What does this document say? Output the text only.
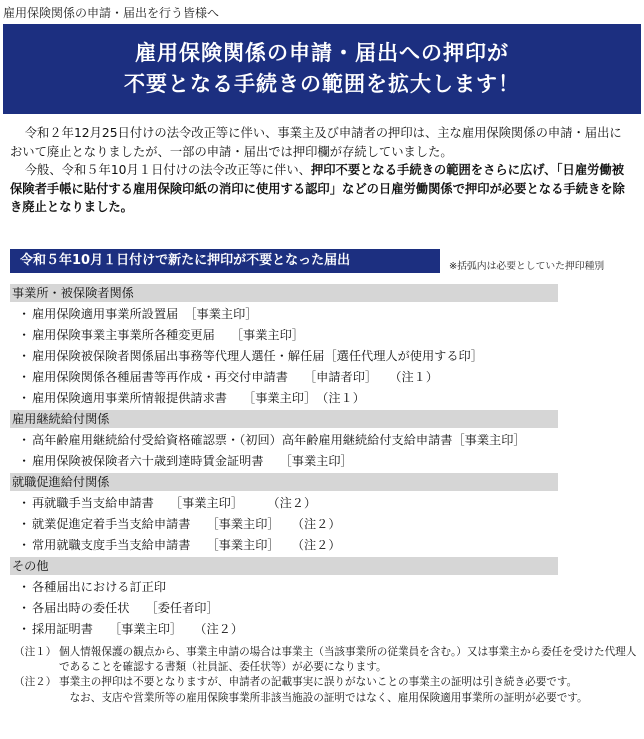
雇用保険関係の申請・届出を行う皆様へ
雇用保険関係の申請・届出への押印が
不要となる手続きの範囲を拡大します！

令和２年12月25日付けの法令改正等に伴い、事業主及び申請者の押印は、主な雇用保険関係の申請・届出において廃止となりましたが、一部の申請・届出では押印欄が存続していました。

今般、令和５年10月１日付けの法令改正等に伴い、押印不要となる手続きの範囲をさらに広げ、「日雇労働被保険者手帳に貼付する雇用保険印紙の消印に使用する認印」などの日雇労働関係で押印が必要となる手続きを除き廃止となりました。

令和５年10月１日付けで新たに押印が不要となった届出	※括弧内は必要としていた押印種別
事業所・被保険者関係
・ 雇用保険適用事業所設置届　［事業主印］
・ 雇用保険事業主事業所各種変更届　 ［事業主印］
・ 雇用保険被保険者関係届出事務等代理人選任・解任届［選任代理人が使用する印］
・ 雇用保険関係各種届書等再作成・再交付申請書　 ［申請者印］　　（注１）
・ 雇用保険適用事業所情報提供請求書　 ［事業主印］　（注１）
雇用継続給付関係
・ 高年齢雇用継続給付受給資格確認票・（初回）高年齢雇用継続給付支給申請書［事業主印］
・ 雇用保険被保険者六十歳到達時賃金証明書　 ［事業主印］
就職促進給付関係
・ 再就職手当支給申請書　 ［事業主印］　　　（注２）
・ 就業促進定着手当支給申請書　 ［事業主印］　　（注２）
・ 常用就職支度手当支給申請書　 ［事業主印］　　（注２）
その他
・ 各種届出における訂正印
・ 各届出時の委任状　 ［委任者印］
・ 採用証明書　 ［事業主印］　　（注２）
（注１） 個人情報保護の観点から、事業主申請の場合は事業主（当該事業所の従業員を含む。）又は事業主から委任を受けた代理人であることを確認する書類（社員証、委任状等）が必要になります。

（注２） 事業主の押印は不要となりますが、申請者の記載事実に誤りがないことの事業主の証明は引き続き必要です。

なお、支店や営業所等の雇用保険事業所非該当施設の証明ではなく、雇用保険適用事業所の証明が必要です。
